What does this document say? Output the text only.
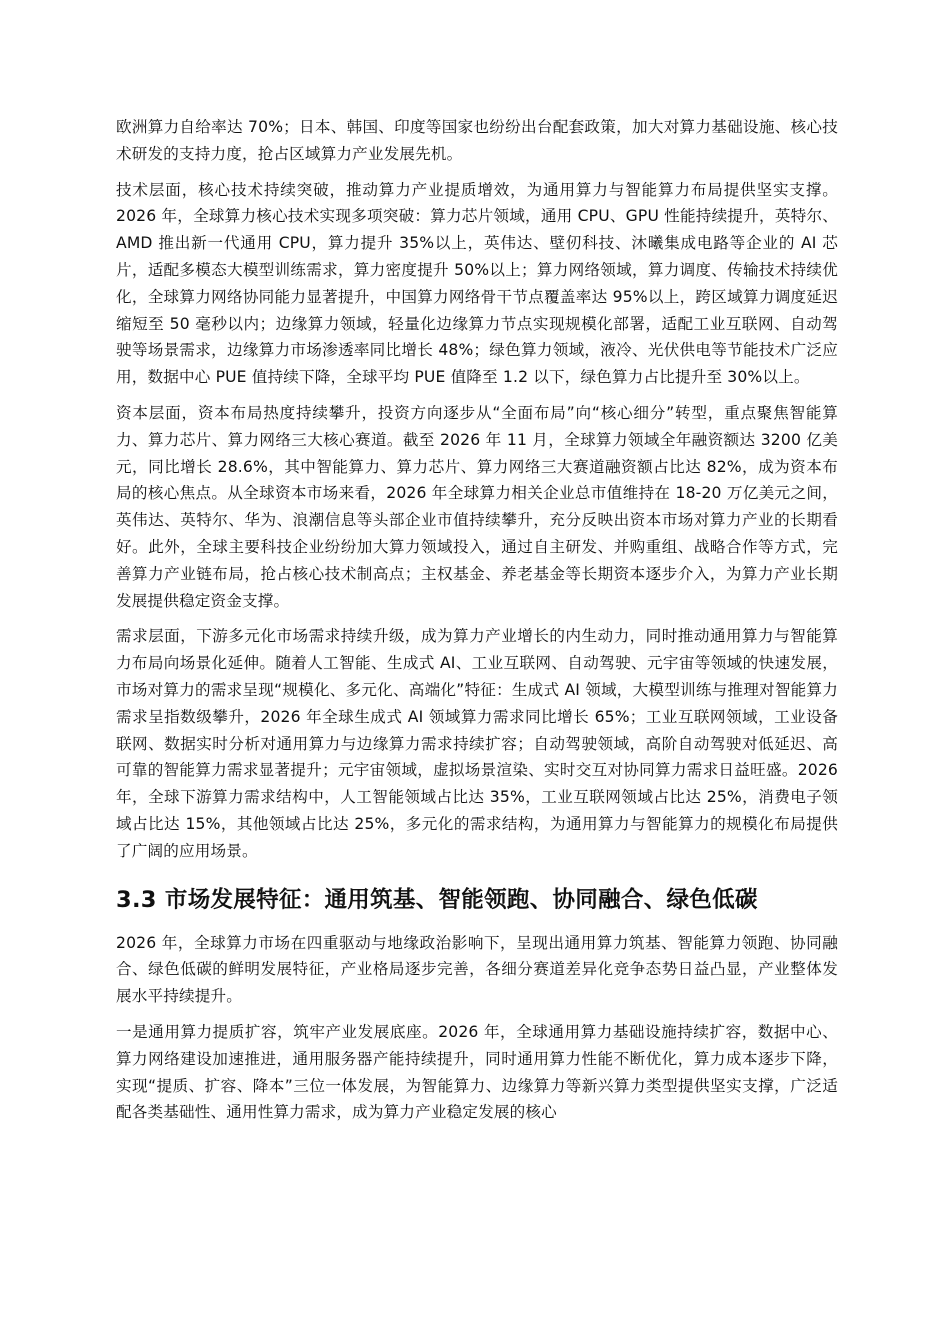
欧洲算力自给率达 70%；日本、韩国、印度等国家也纷纷出台配套政策，加大对算力基础设施、核心技术研发的支持力度，抢占区域算力产业发展先机。

技术层面，核心技术持续突破，推动算力产业提质增效，为通用算力与智能算力布局提供坚实支撑。2026 年，全球算力核心技术实现多项突破：算力芯片领域，通用 CPU、GPU 性能持续提升，英特尔、AMD 推出新一代通用 CPU，算力提升 35%以上，英伟达、壁仞科技、沐曦集成电路等企业的 AI 芯片，适配多模态大模型训练需求，算力密度提升 50%以上；算力网络领域，算力调度、传输技术持续优化，全球算力网络协同能力显著提升，中国算力网络骨干节点覆盖率达 95%以上，跨区域算力调度延迟缩短至 50 毫秒以内；边缘算力领域，轻量化边缘算力节点实现规模化部署，适配工业互联网、自动驾驶等场景需求，边缘算力市场渗透率同比增长 48%；绿色算力领域，液冷、光伏供电等节能技术广泛应用，数据中心 PUE 值持续下降，全球平均 PUE 值降至 1.2 以下，绿色算力占比提升至 30%以上。

资本层面，资本布局热度持续攀升，投资方向逐步从“全面布局”向“核心细分”转型，重点聚焦智能算力、算力芯片、算力网络三大核心赛道。截至 2026 年 11 月，全球算力领域全年融资额达 3200 亿美元，同比增长 28.6%，其中智能算力、算力芯片、算力网络三大赛道融资额占比达 82%，成为资本布局的核心焦点。从全球资本市场来看，2026 年全球算力相关企业总市值维持在 18-20 万亿美元之间，英伟达、英特尔、华为、浪潮信息等头部企业市值持续攀升，充分反映出资本市场对算力产业的长期看好。此外，全球主要科技企业纷纷加大算力领域投入，通过自主研发、并购重组、战略合作等方式，完善算力产业链布局，抢占核心技术制高点；主权基金、养老基金等长期资本逐步介入，为算力产业长期发展提供稳定资金支撑。

需求层面，下游多元化市场需求持续升级，成为算力产业增长的内生动力，同时推动通用算力与智能算力布局向场景化延伸。随着人工智能、生成式 AI、工业互联网、自动驾驶、元宇宙等领域的快速发展，市场对算力的需求呈现“规模化、多元化、高端化”特征：生成式 AI 领域，大模型训练与推理对智能算力需求呈指数级攀升，2026 年全球生成式 AI 领域算力需求同比增长 65%；工业互联网领域，工业设备联网、数据实时分析对通用算力与边缘算力需求持续扩容；自动驾驶领域，高阶自动驾驶对低延迟、高可靠的智能算力需求显著提升；元宇宙领域，虚拟场景渲染、实时交互对协同算力需求日益旺盛。2026 年，全球下游算力需求结构中，人工智能领域占比达 35%，工业互联网领域占比达 25%，消费电子领域占比达 15%，其他领域占比达 25%，多元化的需求结构，为通用算力与智能算力的规模化布局提供了广阔的应用场景。

3.3 市场发展特征：通用筑基、智能领跑、协同融合、绿色低碳

2026 年，全球算力市场在四重驱动与地缘政治影响下，呈现出通用算力筑基、智能算力领跑、协同融合、绿色低碳的鲜明发展特征，产业格局逐步完善，各细分赛道差异化竞争态势日益凸显，产业整体发展水平持续提升。

一是通用算力提质扩容，筑牢产业发展底座。2026 年，全球通用算力基础设施持续扩容，数据中心、算力网络建设加速推进，通用服务器产能持续提升，同时通用算力性能不断优化，算力成本逐步下降，实现“提质、扩容、降本”三位一体发展，为智能算力、边缘算力等新兴算力类型提供坚实支撑，广泛适配各类基础性、通用性算力需求，成为算力产业稳定发展的核心
